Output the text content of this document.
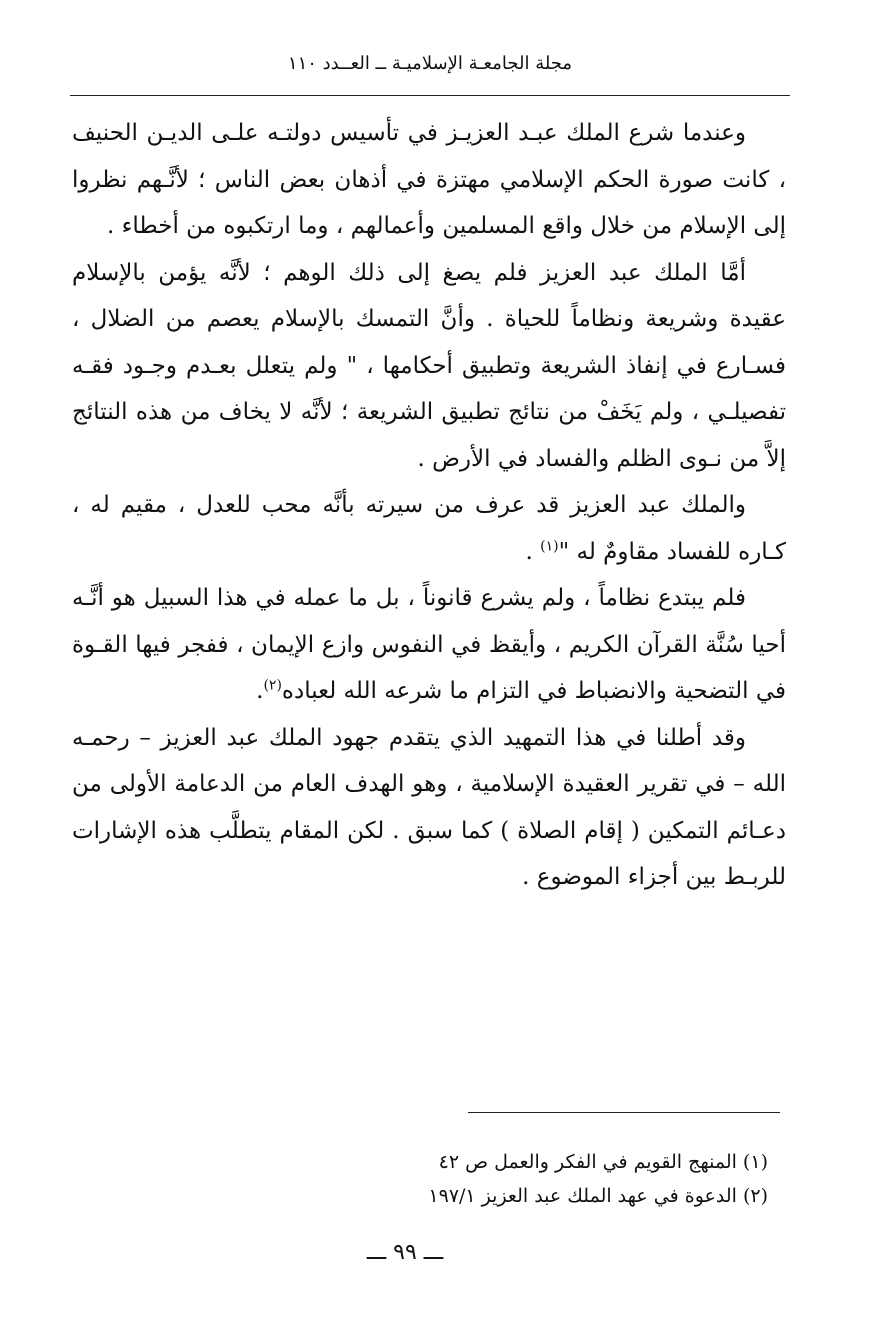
مجلة الجامعـة الإسلاميـة ــ العــدد ١١٠

وعندما شرع الملك عبـد العزيـز في تأسيس دولتـه علـى الديـن الحنيف ، كانت صورة الحكم الإسلامي مهتزة في أذهان بعض الناس ؛ لأنَّـهم نظروا إلى الإسلام من خلال واقع المسلمين وأعمالهم ، وما ارتكبوه من أخطاء .

أمَّا الملك عبد العزيز فلم يصغ إلى ذلك الوهم ؛ لأنَّه يؤمن بالإسلام عقيدة وشريعة ونظاماً للحياة . وأنَّ التمسك بالإسلام يعصم من الضلال ، فسـارع في إنفاذ الشريعة وتطبيق أحكامها ، " ولم يتعلل بعـدم وجـود فقـه تفصيلـي ، ولم يَخَفْ من نتائج تطبيق الشريعة ؛ لأنَّه لا يخاف من هذه النتائج إلاَّ من نـوى الظلم والفساد في الأرض .

والملك عبد العزيز قد عرف من سيرته بأنَّه محب للعدل ، مقيم له ، كـاره للفساد مقاومٌ له "$^{(١)}$ .

فلم يبتدع نظاماً ، ولم يشرع قانوناً ، بل ما عمله في هذا السبيل هو أنَّـه أحيا سُنَّة القرآن الكريم ، وأيقظ في النفوس وازع الإيمان ، ففجر فيها القـوة في التضحية والانضباط في التزام ما شرعه الله لعباده$^{(٢)}$.

وقد أطلنا في هذا التمهيد الذي يتقدم جهود الملك عبد العزيز – رحمـه الله – في تقرير العقيدة الإسلامية ، وهو الهدف العام من الدعامة الأولى من دعـائم التمكين ( إقام الصلاة ) كما سبق . لكن المقام يتطلَّب هذه الإشارات للربـط بين أجزاء الموضوع .

(١) المنهج القويم في الفكر والعمل ص ٤٢
(٢) الدعوة في عهد الملك عبد العزيز ١٩٧/١
ـــ ٩٩ ـــ
